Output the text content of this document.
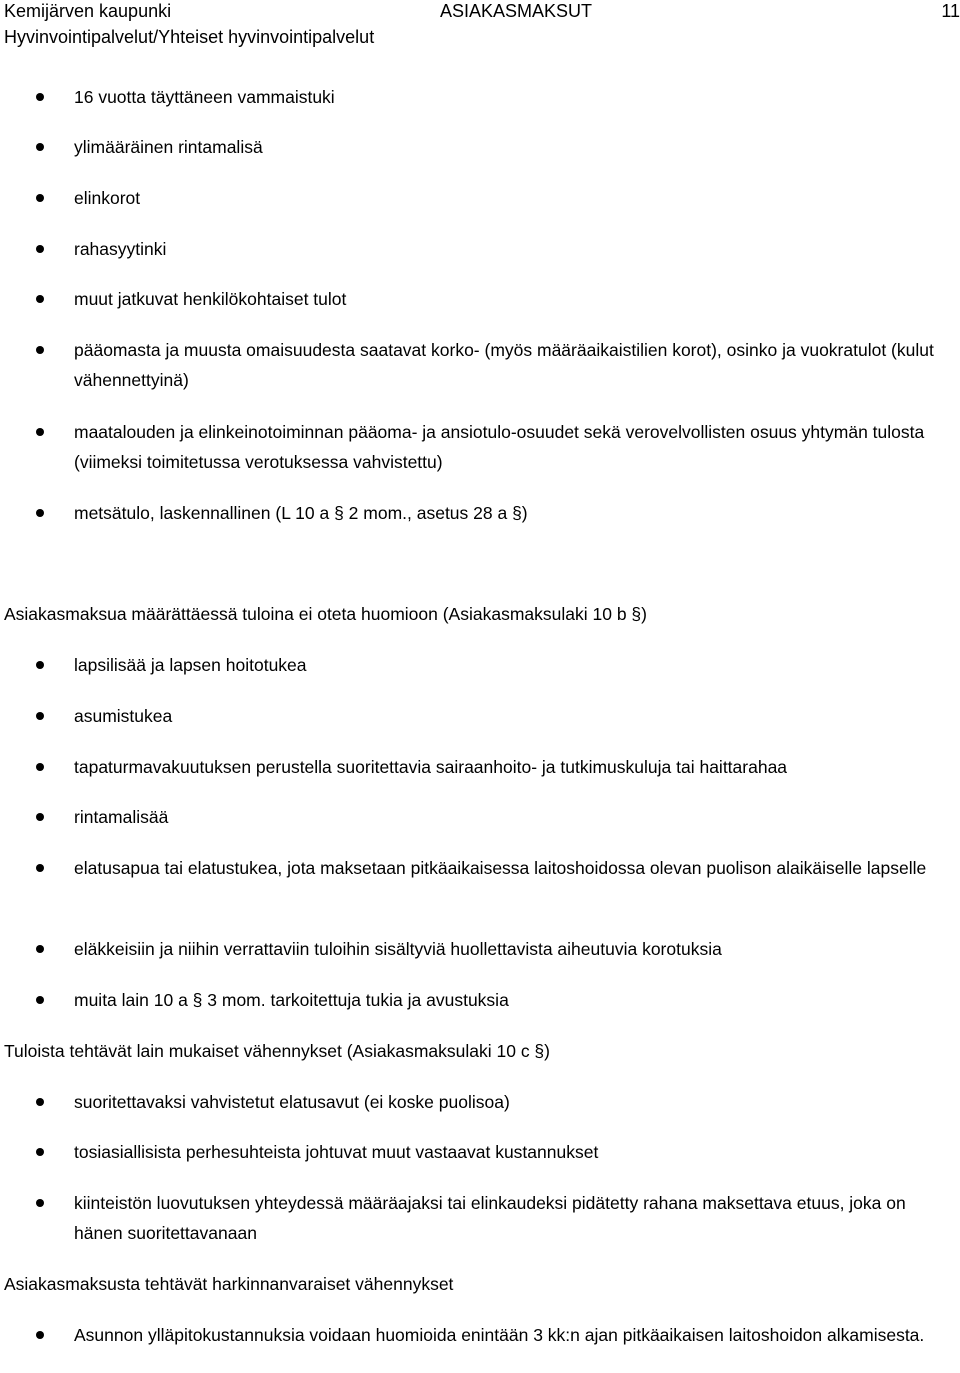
Kemijärven kaupunki
Hyvinvointipalvelut/Yhteiset hyvinvointipalvelut
ASIAKASMAKSUT	11
16 vuotta täyttäneen vammaistuki
ylimääräinen rintamalisä
elinkorot
rahasyytinki
muut jatkuvat henkilökohtaiset tulot
pääomasta ja muusta omaisuudesta saatavat korko- (myös määräaikaistilien korot), osinko ja vuokratulot (kulut vähennettyinä)
maatalouden ja elinkeinotoiminnan pääoma- ja ansiotulo-osuudet sekä verovelvollisten osuus yhtymän tulosta (viimeksi toimitetussa verotuksessa vahvistettu)
metsätulo, laskennallinen (L 10 a § 2 mom., asetus 28 a §)
Asiakasmaksua määrättäessä tuloina ei oteta huomioon (Asiakasmaksulaki 10 b §)
lapsilisää ja lapsen hoitotukea
asumistukea
tapaturmavakuutuksen perustella suoritettavia sairaanhoito- ja tutkimuskuluja tai haittarahaa
rintamalisää
elatusapua tai elatustukea, jota maksetaan pitkäaikaisessa laitoshoidossa olevan puolison alaikäiselle lapselle
eläkkeisiin ja niihin verrattaviin tuloihin sisältyviä huollettavista aiheutuvia korotuksia
muita lain 10 a § 3 mom. tarkoitettuja tukia ja avustuksia
Tuloista tehtävät lain mukaiset vähennykset (Asiakasmaksulaki 10 c §)
suoritettavaksi vahvistetut elatusavut (ei koske puolisoa)
tosiasiallisista perhesuhteista johtuvat muut vastaavat kustannukset
kiinteistön luovutuksen yhteydessä määräajaksi tai elinkaudeksi pidätetty rahana maksettava etuus, joka on hänen suoritettavanaan
Asiakasmaksusta tehtävät harkinnanvaraiset vähennykset
Asunnon ylläpitokustannuksia voidaan huomioida enintään 3 kk:n ajan pitkäaikaisen laitoshoidon alkamisesta.
